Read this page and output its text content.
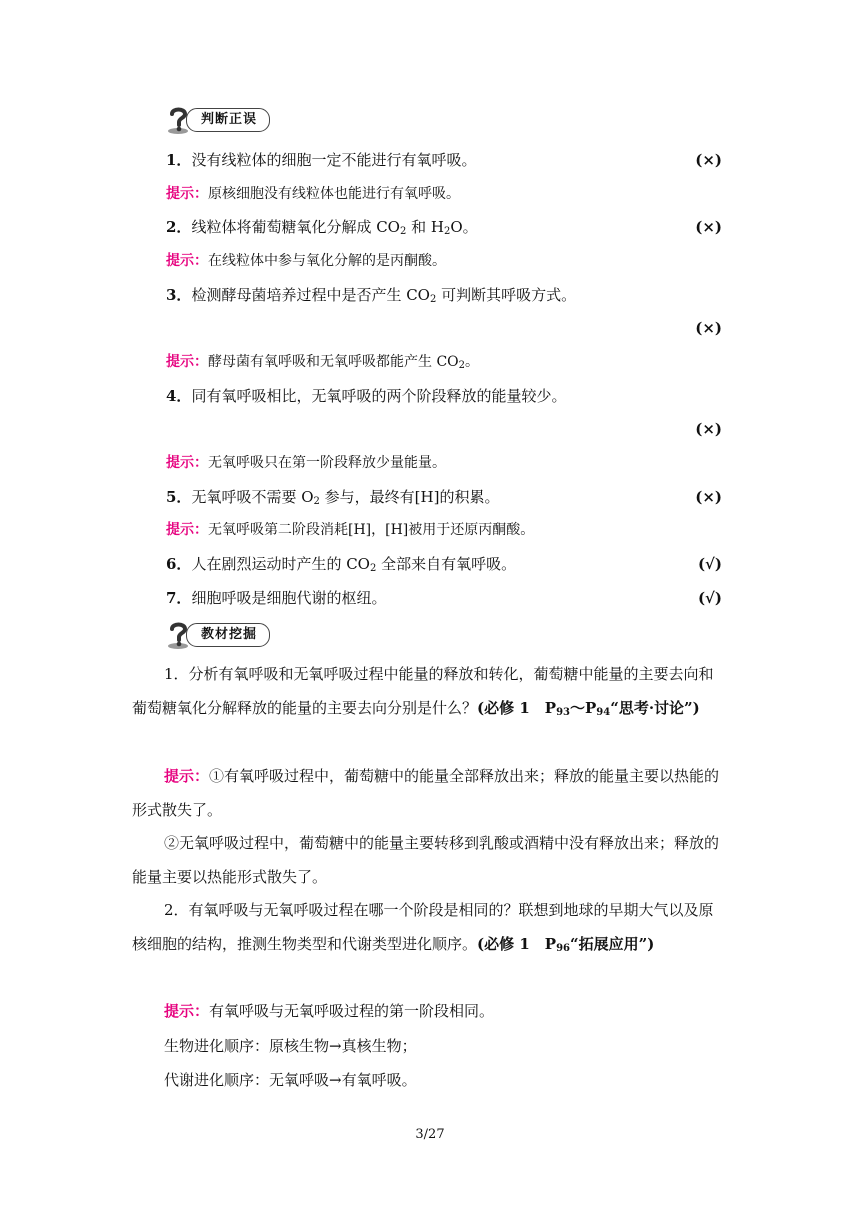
判断正误
1．没有线粒体的细胞一定不能进行有氧呼吸。	(×)
提示：原核细胞没有线粒体也能进行有氧呼吸。
2．线粒体将葡萄糖氧化分解成 $CO_2$ 和 $H_2O$。	(×)
提示：在线粒体中参与氧化分解的是丙酮酸。
3．检测酵母菌培养过程中是否产生 $CO_2$ 可判断其呼吸方式。
(×)
提示：酵母菌有氧呼吸和无氧呼吸都能产生 $CO_2$。
4．同有氧呼吸相比，无氧呼吸的两个阶段释放的能量较少。
(×)
提示：无氧呼吸只在第一阶段释放少量能量。
5．无氧呼吸不需要 $O_2$ 参与，最终有[H]的积累。	(×)
提示：无氧呼吸第二阶段消耗[H]，[H]被用于还原丙酮酸。
6．人在剧烈运动时产生的 $CO_2$ 全部来自有氧呼吸。	(√)
7．细胞呼吸是细胞代谢的枢纽。	(√)
教材挖掘
1．分析有氧呼吸和无氧呼吸过程中能量的释放和转化，葡萄糖中能量的主要去向和葡萄糖氧化分解释放的能量的主要去向分别是什么？(必修 1　$P_{93}\sim P_{94}“$思考·讨论”)
提示：①有氧呼吸过程中，葡萄糖中的能量全部释放出来；释放的能量主要以热能的形式散失了。
②无氧呼吸过程中，葡萄糖中的能量主要转移到乳酸或酒精中没有释放出来；释放的能量主要以热能形式散失了。
2．有氧呼吸与无氧呼吸过程在哪一个阶段是相同的？联想到地球的早期大气以及原核细胞的结构，推测生物类型和代谢类型进化顺序。(必修 1　$P_{96}“$拓展应用”)
提示：有氧呼吸与无氧呼吸过程的第一阶段相同。
生物进化顺序：原核生物→真核生物；
代谢进化顺序：无氧呼吸→有氧呼吸。
3/27
